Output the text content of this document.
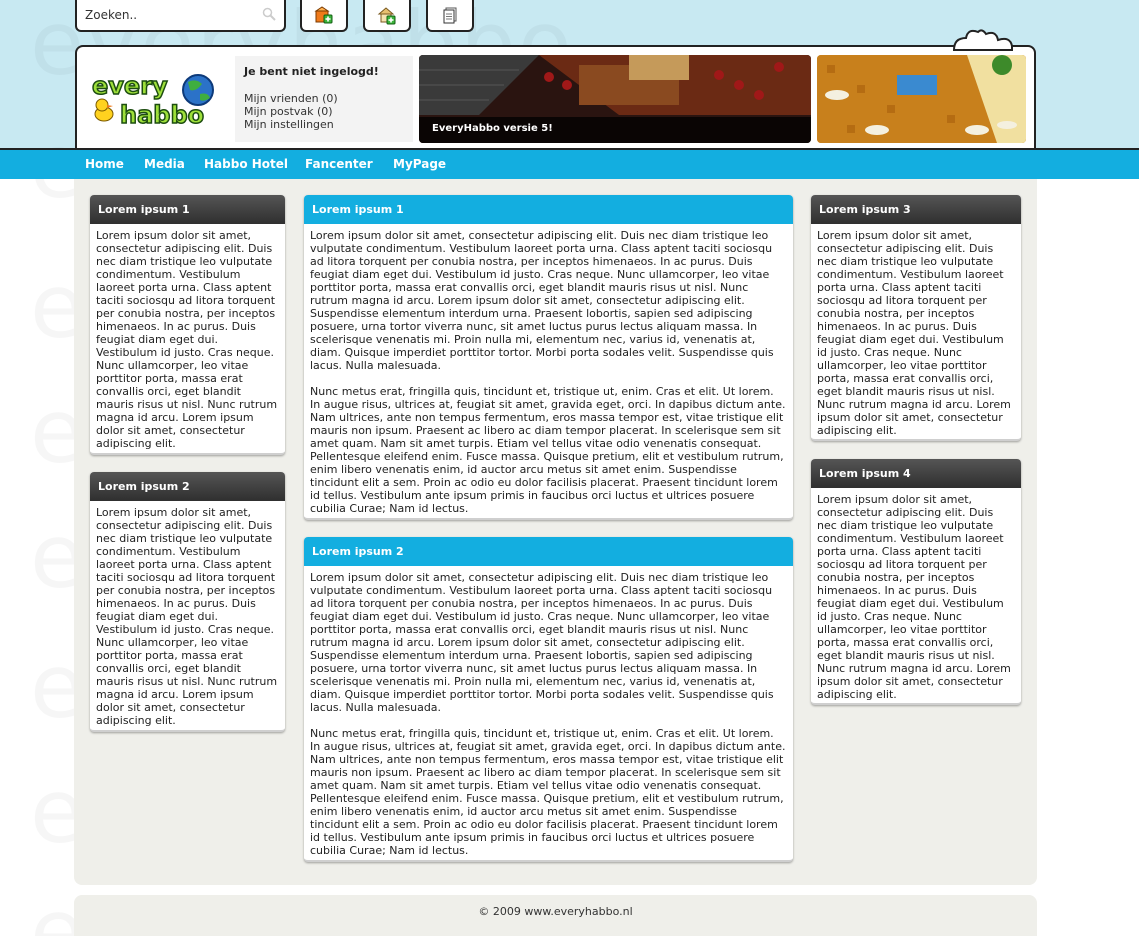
Zoeken..
every
habbo
Je bent niet ingelogd!
Mijn vrienden (0)
Mijn postvak (0)
Mijn instellingen	EveryHabbo versie 5!
Home Media Habbo Hotel Fancenter MyPage
Lorem ipsum 1
Lorem ipsum dolor sit amet, consectetur adipiscing elit. Duis nec diam tristique leo vulputate condimentum. Vestibulum laoreet porta urna. Class aptent taciti sociosqu ad litora torquent per conubia nostra, per inceptos himenaeos. In ac purus. Duis feugiat diam eget dui. Vestibulum id justo. Cras neque. Nunc ullamcorper, leo vitae porttitor porta, massa erat convallis orci, eget blandit mauris risus ut nisl. Nunc rutrum magna id arcu. Lorem ipsum dolor sit amet, consectetur adipiscing elit.
Lorem ipsum 2
Lorem ipsum dolor sit amet, consectetur adipiscing elit. Duis nec diam tristique leo vulputate condimentum. Vestibulum laoreet porta urna. Class aptent taciti sociosqu ad litora torquent per conubia nostra, per inceptos himenaeos. In ac purus. Duis feugiat diam eget dui. Vestibulum id justo. Cras neque. Nunc ullamcorper, leo vitae porttitor porta, massa erat convallis orci, eget blandit mauris risus ut nisl. Nunc rutrum magna id arcu. Lorem ipsum dolor sit amet, consectetur adipiscing elit.
Lorem ipsum 1

Lorem ipsum dolor sit amet, consectetur adipiscing elit. Duis nec diam tristique leo vulputate condimentum. Vestibulum laoreet porta urna. Class aptent taciti sociosqu ad litora torquent per conubia nostra, per inceptos himenaeos. In ac purus. Duis feugiat diam eget dui. Vestibulum id justo. Cras neque. Nunc ullamcorper, leo vitae porttitor porta, massa erat convallis orci, eget blandit mauris risus ut nisl. Nunc rutrum magna id arcu. Lorem ipsum dolor sit amet, consectetur adipiscing elit. Suspendisse elementum interdum urna. Praesent lobortis, sapien sed adipiscing posuere, urna tortor viverra nunc, sit amet luctus purus lectus aliquam massa. In scelerisque venenatis mi. Proin nulla mi, elementum nec, varius id, venenatis at, diam. Quisque imperdiet porttitor tortor. Morbi porta sodales velit. Suspendisse quis lacus. Nulla malesuada.

Nunc metus erat, fringilla quis, tincidunt et, tristique ut, enim. Cras et elit. Ut lorem. In augue risus, ultrices at, feugiat sit amet, gravida eget, orci. In dapibus dictum ante. Nam ultrices, ante non tempus fermentum, eros massa tempor est, vitae tristique elit mauris non ipsum. Praesent ac libero ac diam tempor placerat. In scelerisque sem sit amet quam. Nam sit amet turpis. Etiam vel tellus vitae odio venenatis consequat. Pellentesque eleifend enim. Fusce massa. Quisque pretium, elit et vestibulum rutrum, enim libero venenatis enim, id auctor arcu metus sit amet enim. Suspendisse tincidunt elit a sem. Proin ac odio eu dolor facilisis placerat. Praesent tincidunt lorem id tellus. Vestibulum ante ipsum primis in faucibus orci luctus et ultrices posuere cubilia Curae; Nam id lectus.

Lorem ipsum 2

Lorem ipsum dolor sit amet, consectetur adipiscing elit. Duis nec diam tristique leo vulputate condimentum. Vestibulum laoreet porta urna. Class aptent taciti sociosqu ad litora torquent per conubia nostra, per inceptos himenaeos. In ac purus. Duis feugiat diam eget dui. Vestibulum id justo. Cras neque. Nunc ullamcorper, leo vitae porttitor porta, massa erat convallis orci, eget blandit mauris risus ut nisl. Nunc rutrum magna id arcu. Lorem ipsum dolor sit amet, consectetur adipiscing elit. Suspendisse elementum interdum urna. Praesent lobortis, sapien sed adipiscing posuere, urna tortor viverra nunc, sit amet luctus purus lectus aliquam massa. In scelerisque venenatis mi. Proin nulla mi, elementum nec, varius id, venenatis at, diam. Quisque imperdiet porttitor tortor. Morbi porta sodales velit. Suspendisse quis lacus. Nulla malesuada.

Nunc metus erat, fringilla quis, tincidunt et, tristique ut, enim. Cras et elit. Ut lorem. In augue risus, ultrices at, feugiat sit amet, gravida eget, orci. In dapibus dictum ante. Nam ultrices, ante non tempus fermentum, eros massa tempor est, vitae tristique elit mauris non ipsum. Praesent ac libero ac diam tempor placerat. In scelerisque sem sit amet quam. Nam sit amet turpis. Etiam vel tellus vitae odio venenatis consequat. Pellentesque eleifend enim. Fusce massa. Quisque pretium, elit et vestibulum rutrum, enim libero venenatis enim, id auctor arcu metus sit amet enim. Suspendisse tincidunt elit a sem. Proin ac odio eu dolor facilisis placerat. Praesent tincidunt lorem id tellus. Vestibulum ante ipsum primis in faucibus orci luctus et ultrices posuere cubilia Curae; Nam id lectus.

Lorem ipsum 3
Lorem ipsum dolor sit amet, consectetur adipiscing elit. Duis nec diam tristique leo vulputate condimentum. Vestibulum laoreet porta urna. Class aptent taciti sociosqu ad litora torquent per conubia nostra, per inceptos himenaeos. In ac purus. Duis feugiat diam eget dui. Vestibulum id justo. Cras neque. Nunc ullamcorper, leo vitae porttitor porta, massa erat convallis orci, eget blandit mauris risus ut nisl. Nunc rutrum magna id arcu. Lorem ipsum dolor sit amet, consectetur adipiscing elit.
Lorem ipsum 4
Lorem ipsum dolor sit amet, consectetur adipiscing elit. Duis nec diam tristique leo vulputate condimentum. Vestibulum laoreet porta urna. Class aptent taciti sociosqu ad litora torquent per conubia nostra, per inceptos himenaeos. In ac purus. Duis feugiat diam eget dui. Vestibulum id justo. Cras neque. Nunc ullamcorper, leo vitae porttitor porta, massa erat convallis orci, eget blandit mauris risus ut nisl. Nunc rutrum magna id arcu. Lorem ipsum dolor sit amet, consectetur adipiscing elit.
© 2009 www.everyhabbo.nl
